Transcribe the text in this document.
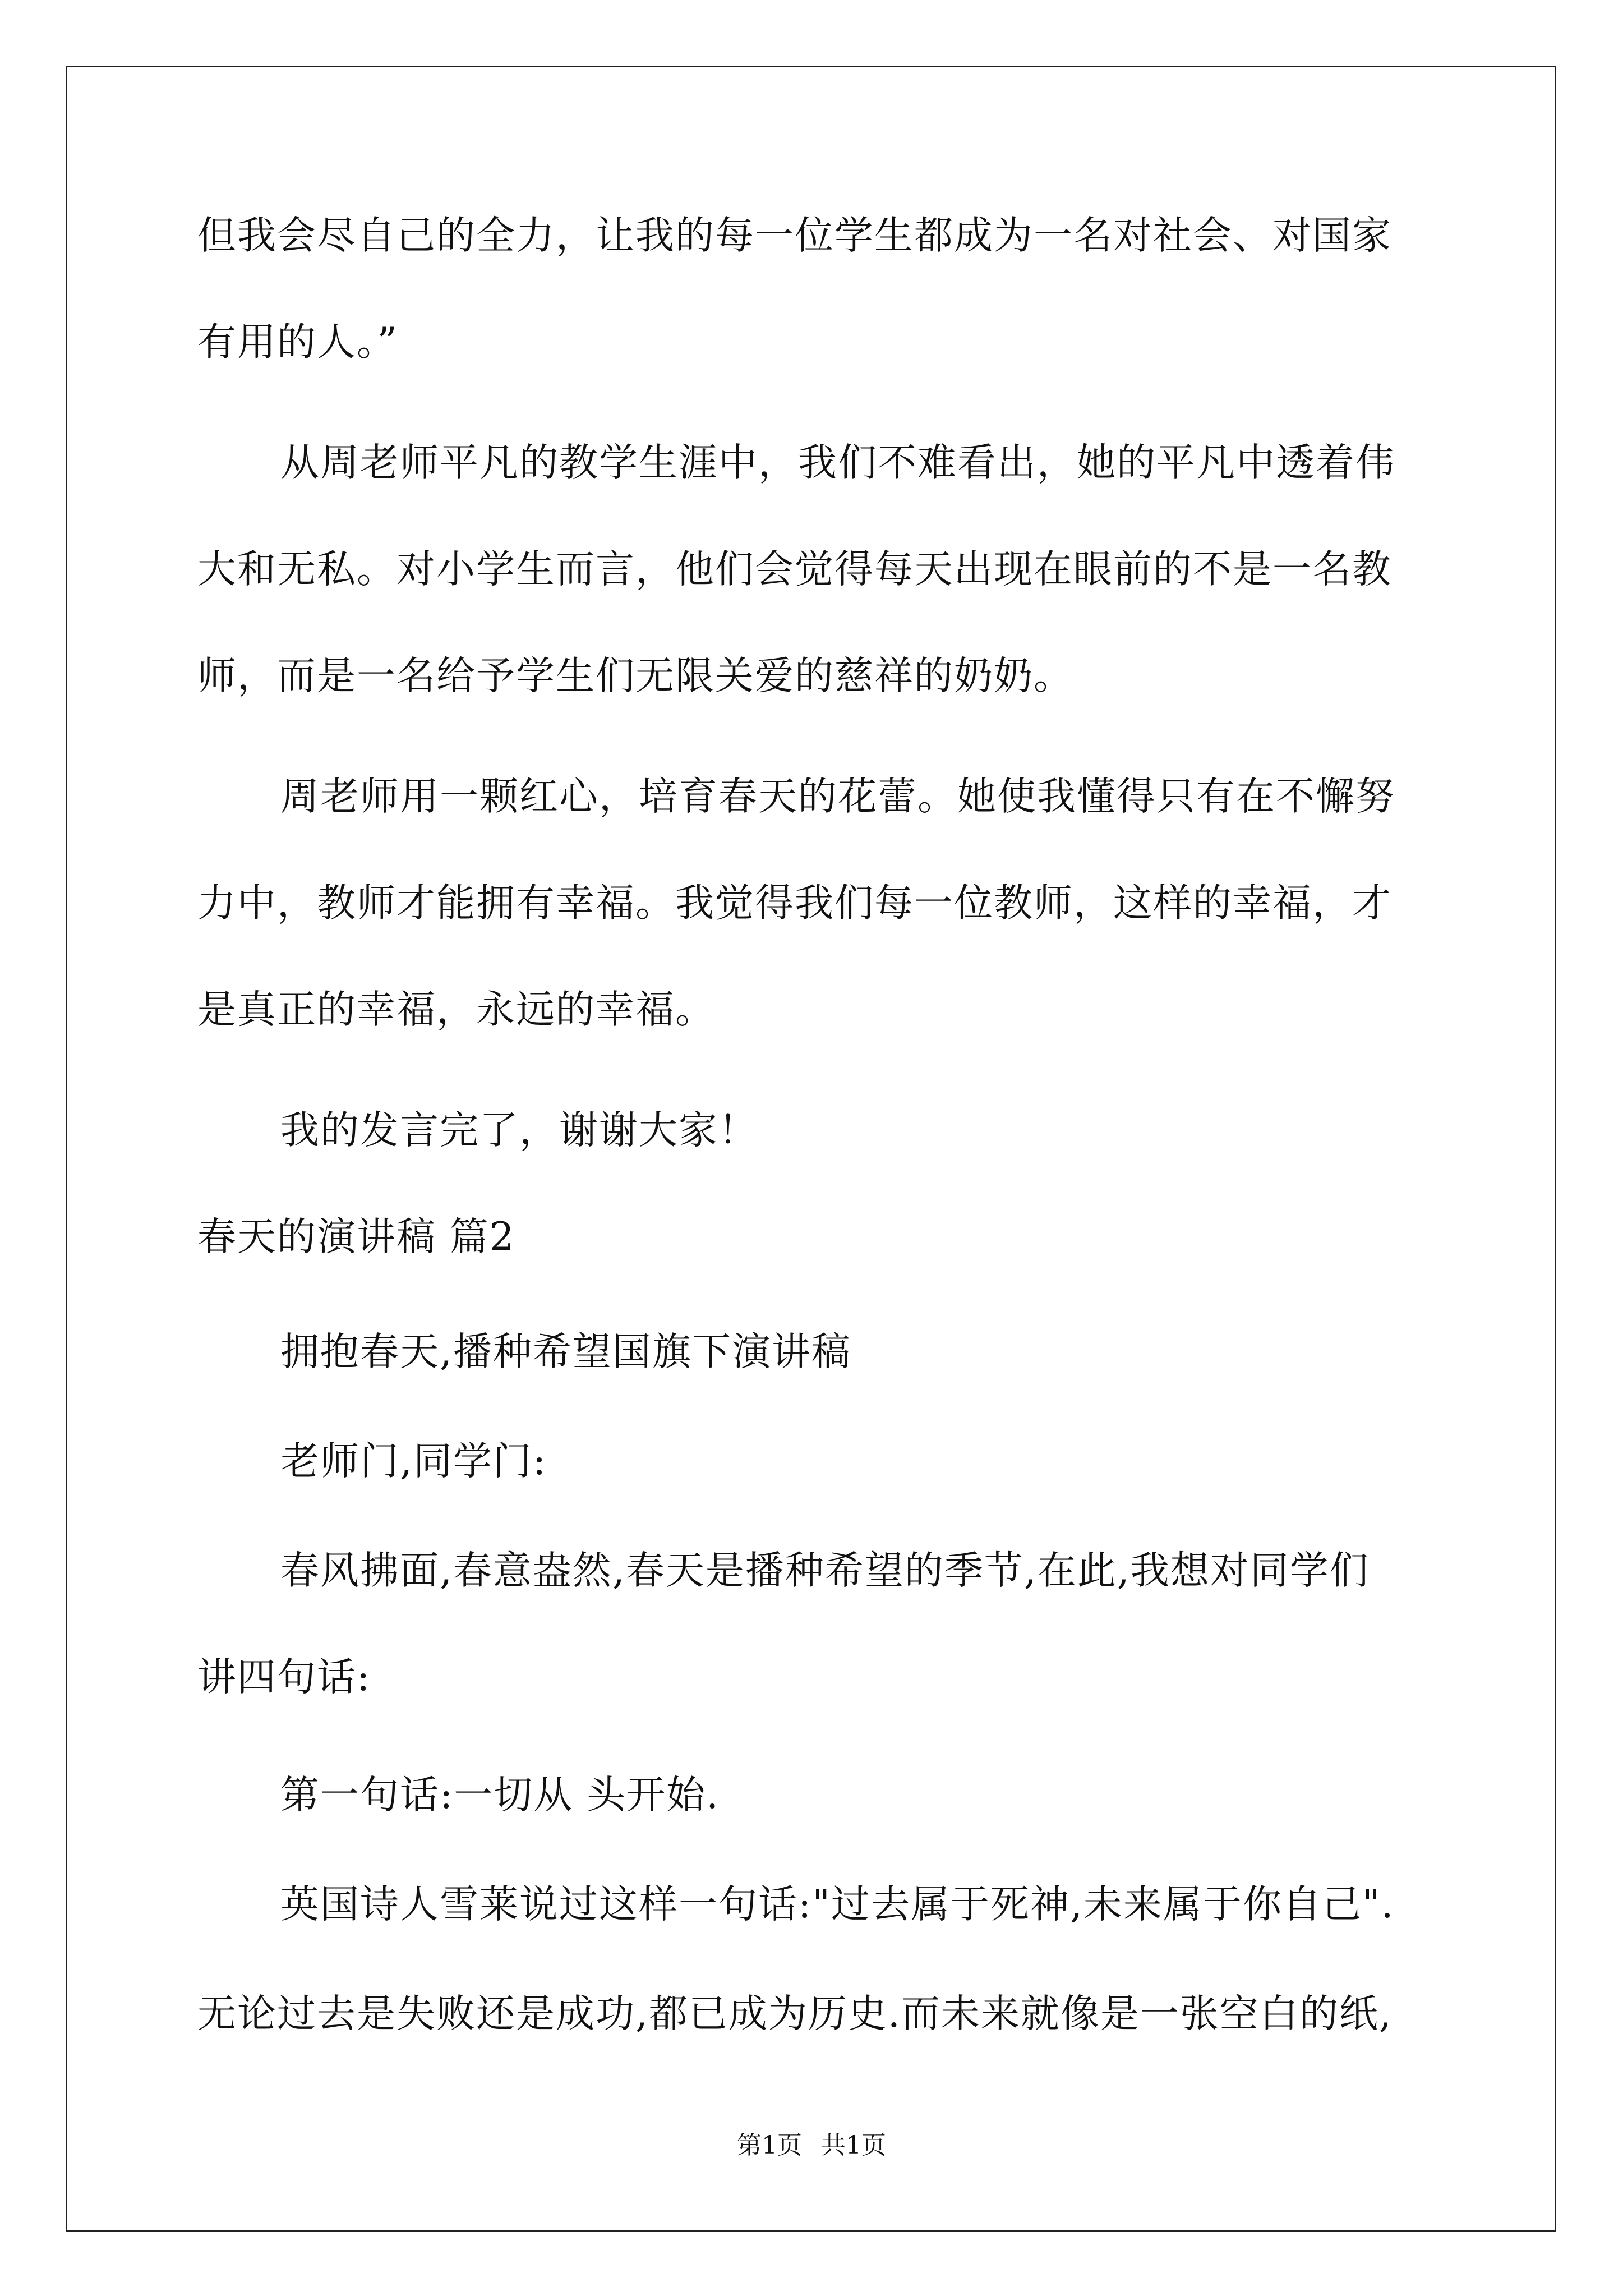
但我会尽自己的全力，让我的每一位学生都成为一名对社会、对国家
有用的人。”
从周老师平凡的教学生涯中，我们不难看出，她的平凡中透着伟
大和无私。对小学生而言，他们会觉得每天出现在眼前的不是一名教
师，而是一名给予学生们无限关爱的慈祥的奶奶。
周老师用一颗红心，培育春天的花蕾。她使我懂得只有在不懈努
力中，教师才能拥有幸福。我觉得我们每一位教师，这样的幸福，才
是真正的幸福，永远的幸福。
我的发言完了，谢谢大家！
春天的演讲稿 篇2
拥抱春天,播种希望国旗下演讲稿
老师门,同学门:
春风拂面,春意盎然,春天是播种希望的季节,在此,我想对同学们
讲四句话:
第一句话:一切从 头开始.
英国诗人雪莱说过这样一句话:"过去属于死神,未来属于你自己".
无论过去是失败还是成功,都已成为历史.而未来就像是一张空白的纸,
第1页 共1页
